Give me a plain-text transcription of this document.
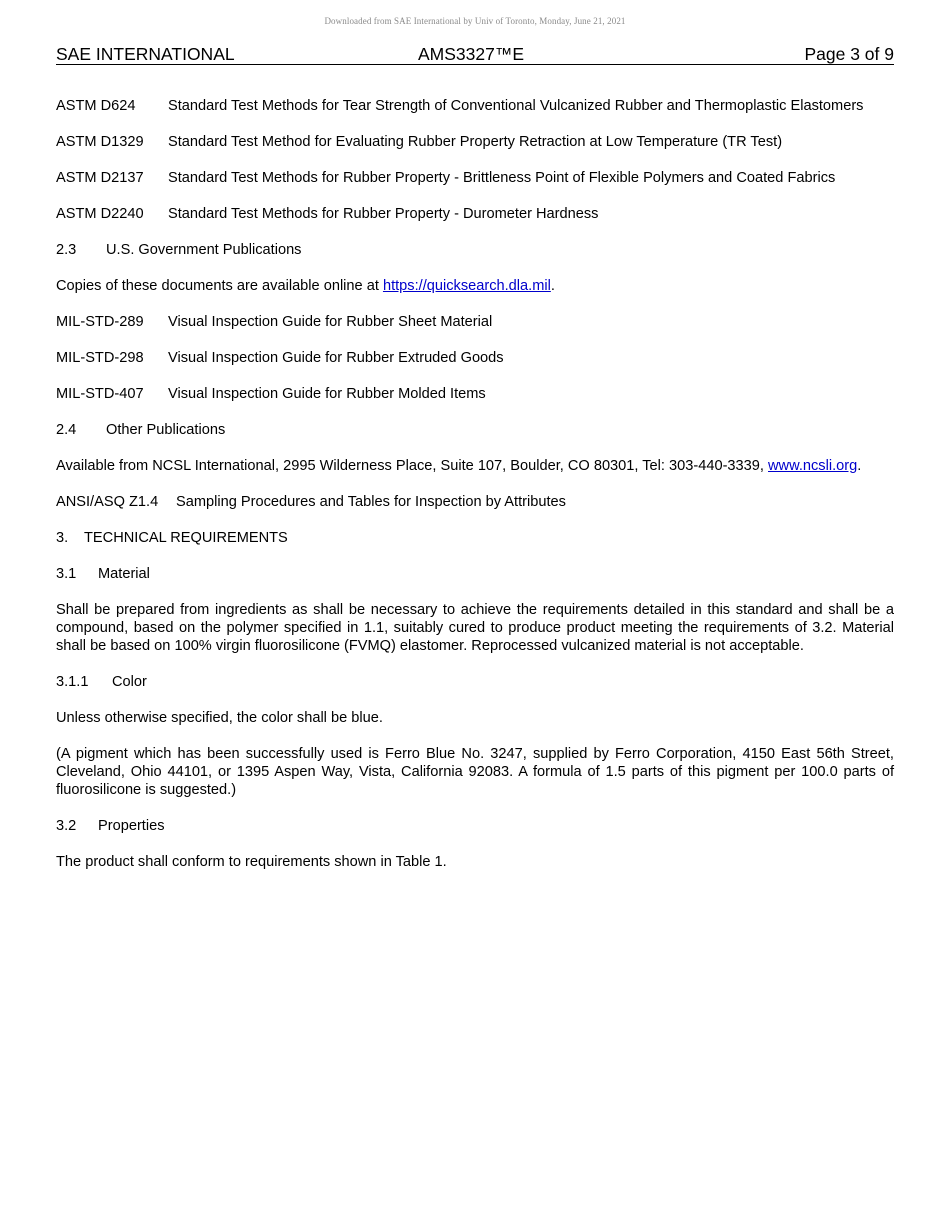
Downloaded from SAE International by Univ of Toronto, Monday, June 21, 2021
SAE INTERNATIONAL	AMS3327™E	Page 3 of 9
ASTM D624	Standard Test Methods for Tear Strength of Conventional Vulcanized Rubber and Thermoplastic Elastomers
ASTM D1329	Standard Test Method for Evaluating Rubber Property Retraction at Low Temperature (TR Test)
ASTM D2137	Standard Test Methods for Rubber Property - Brittleness Point of Flexible Polymers and Coated Fabrics
ASTM D2240	Standard Test Methods for Rubber Property - Durometer Hardness
2.3	U.S. Government Publications

Copies of these documents are available online at https://quicksearch.dla.mil.

MIL-STD-289	Visual Inspection Guide for Rubber Sheet Material
MIL-STD-298	Visual Inspection Guide for Rubber Extruded Goods
MIL-STD-407	Visual Inspection Guide for Rubber Molded Items
2.4	Other Publications

Available from NCSL International, 2995 Wilderness Place, Suite 107, Boulder, CO 80301, Tel: 303-440-3339, www.ncsli.org.

ANSI/ASQ Z1.4	Sampling Procedures and Tables for Inspection by Attributes
3.	TECHNICAL REQUIREMENTS
3.1	Material

Shall be prepared from ingredients as shall be necessary to achieve the requirements detailed in this standard and shall be a compound, based on the polymer specified in 1.1, suitably cured to produce product meeting the requirements of 3.2. Material shall be based on 100% virgin fluorosilicone (FVMQ) elastomer. Reprocessed vulcanized material is not acceptable.

3.1.1	Color

Unless otherwise specified, the color shall be blue.

(A pigment which has been successfully used is Ferro Blue No. 3247, supplied by Ferro Corporation, 4150 East 56th Street, Cleveland, Ohio 44101, or 1395 Aspen Way, Vista, California 92083. A formula of 1.5 parts of this pigment per 100.0 parts of fluorosilicone is suggested.)

3.2	Properties

The product shall conform to requirements shown in Table 1.
